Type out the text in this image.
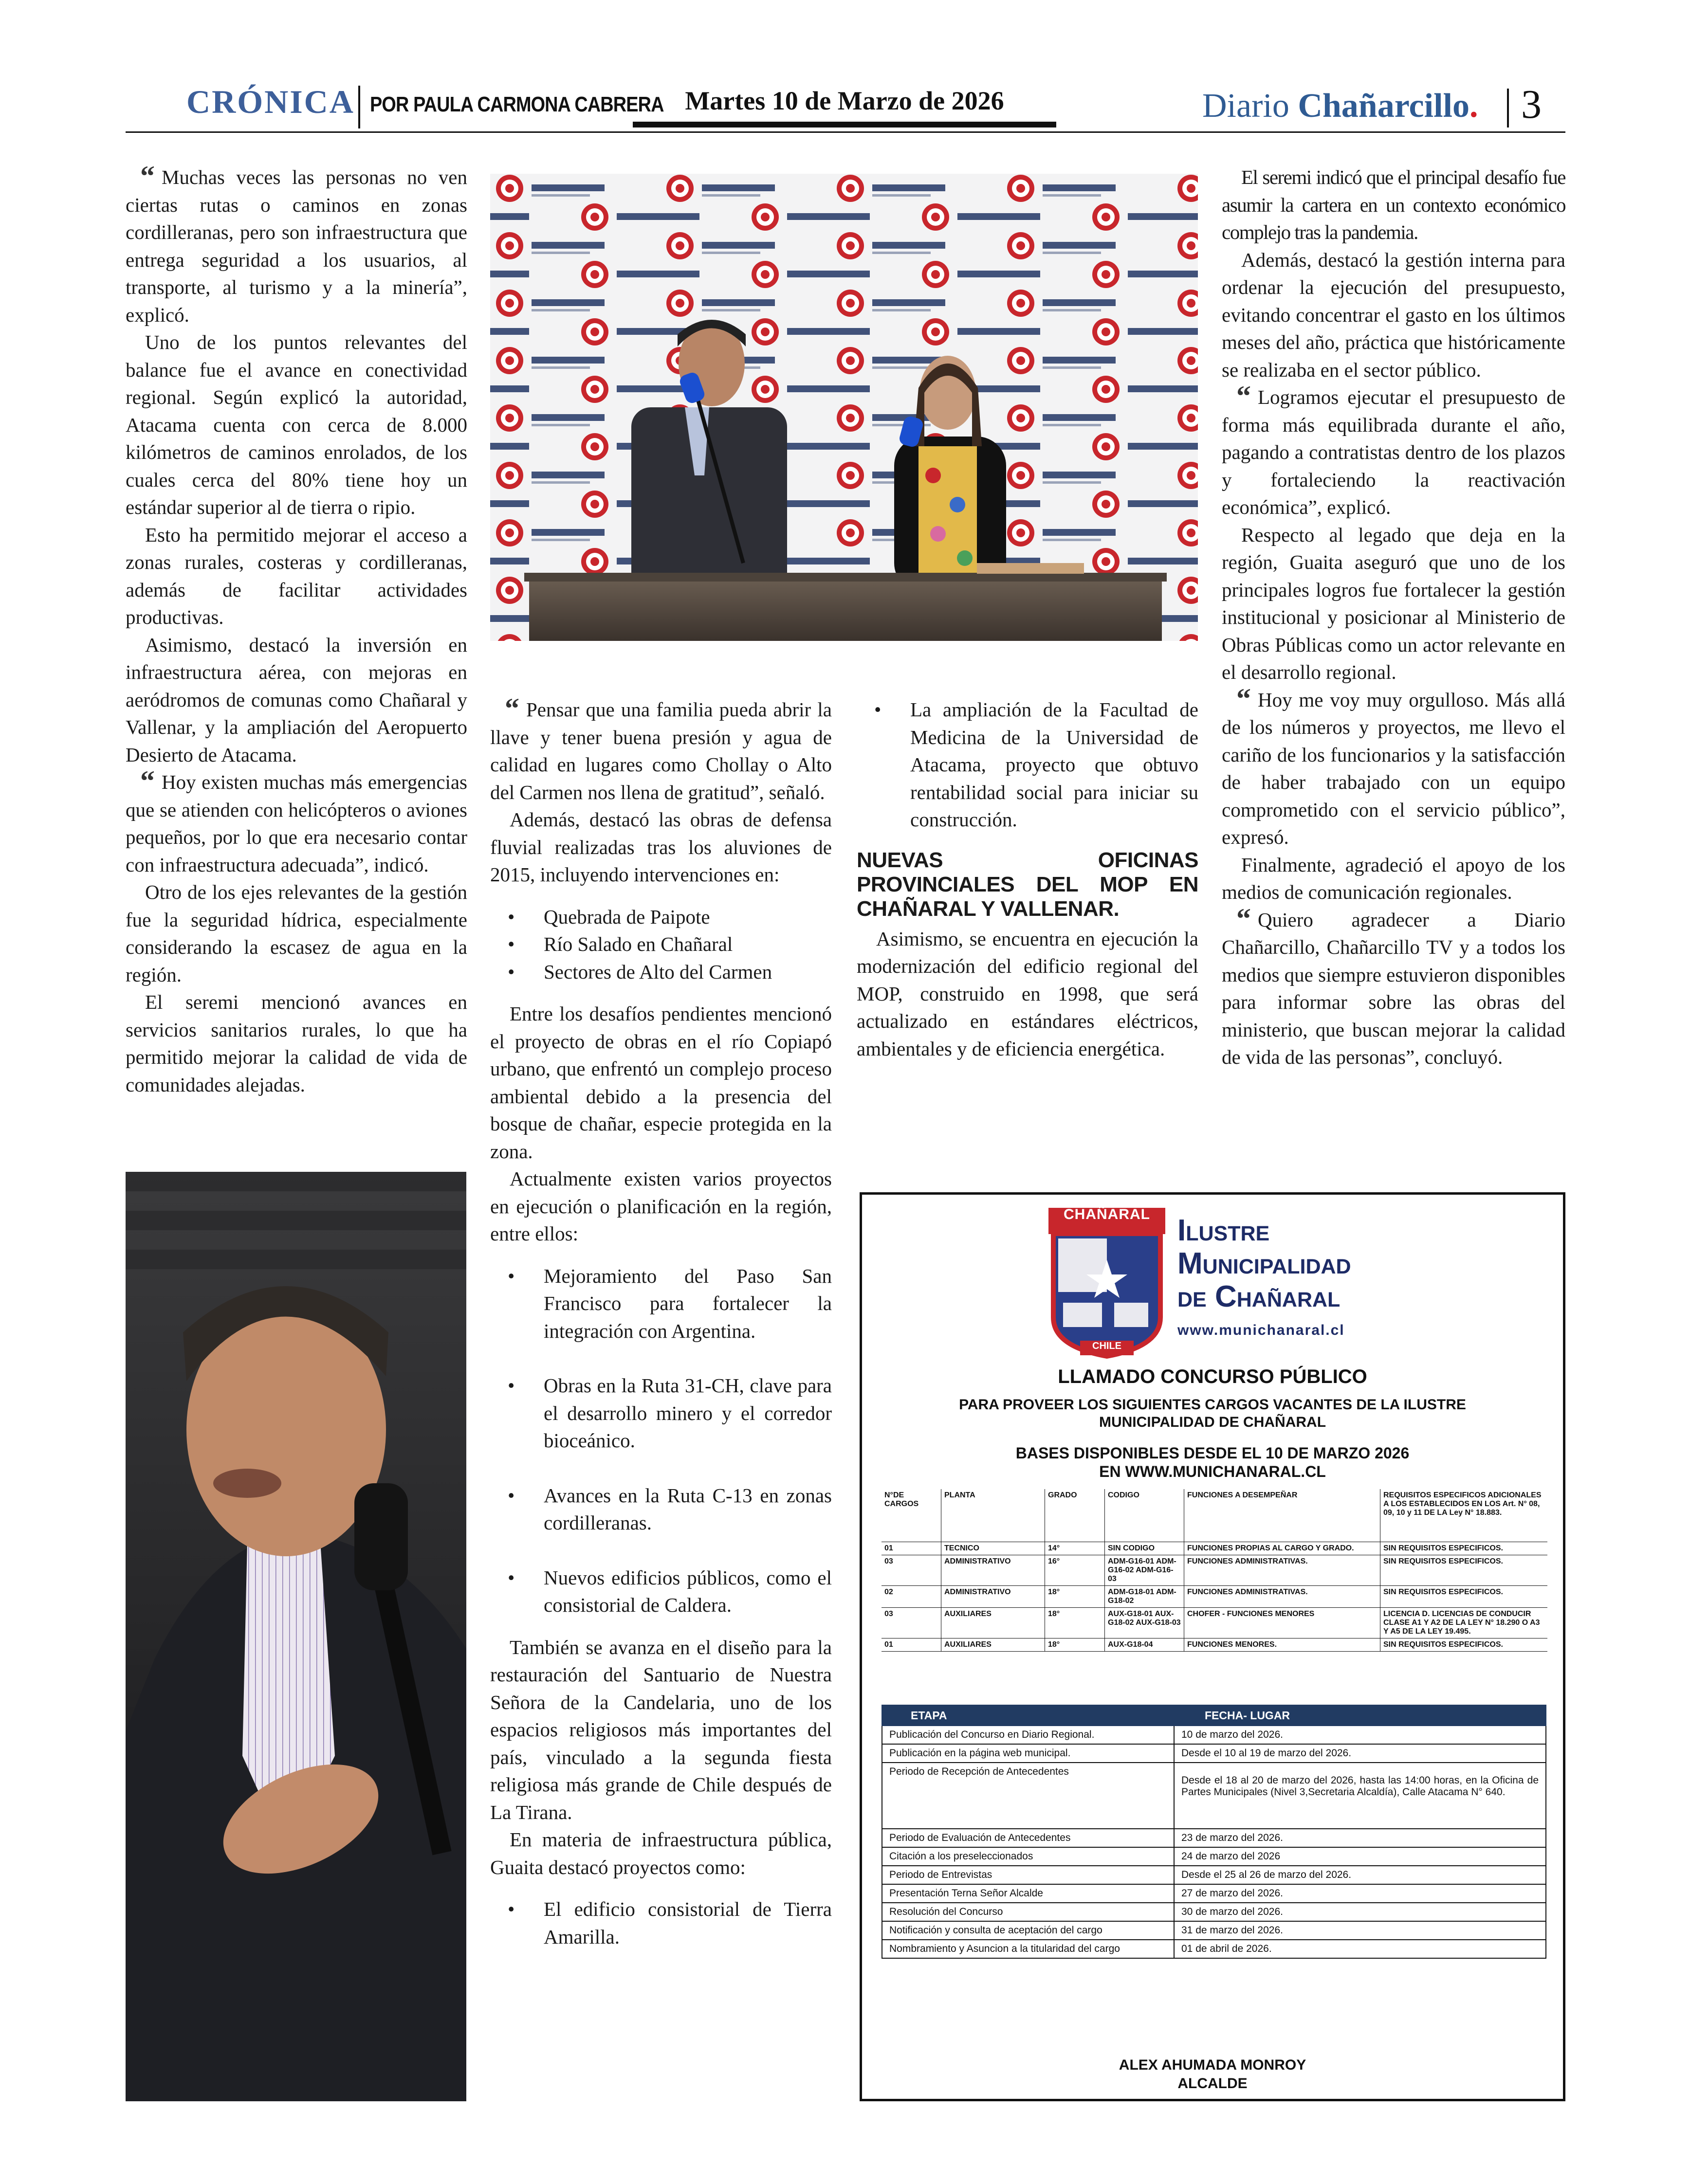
CRÓNICA POR PAULA CARMONA CABRERA Martes 10 de Marzo de 2026	Diario Chañarcillo. 3

“ Muchas veces las personas no ven ciertas rutas o caminos en zonas cordilleranas, pero son infraestructura que entrega seguridad a los usuarios, al transporte, al turismo y a la minería”, explicó.

Uno de los puntos relevantes del balance fue el avance en conectividad regional. Según explicó la autoridad, Atacama cuenta con cerca de 8.000 kilómetros de caminos enrolados, de los cuales cerca del 80% tiene hoy un estándar superior al de tierra o ripio.

Esto ha permitido mejorar el acceso a zonas rurales, costeras y cordilleranas, además de facilitar actividades productivas.

Asimismo, destacó la inversión en infraestructura aérea, con mejoras en aeródromos de comunas como Chañaral y Vallenar, y la ampliación del Aeropuerto Desierto de Atacama.

“ Hoy existen muchas más emergencias que se atienden con helicópteros o aviones pequeños, por lo que era necesario contar con infraestructura adecuada”, indicó.

Otro de los ejes relevantes de la gestión fue la seguridad hídrica, especialmente considerando la escasez de agua en la región.

El seremi mencionó avances en servicios sanitarios rurales, lo que ha permitido mejorar la calidad de vida de comunidades alejadas.

“ Pensar que una familia pueda abrir la llave y tener buena presión y agua de calidad en lugares como Chollay o Alto del Carmen nos llena de gratitud”, señaló.

Además, destacó las obras de defensa fluvial realizadas tras los aluviones de 2015, incluyendo intervenciones en:

• Quebrada de Paipote
• Río Salado en Chañaral
• Sectores de Alto del Carmen

Entre los desafíos pendientes mencionó el proyecto de obras en el río Copiapó urbano, que enfrentó un complejo proceso ambiental debido a la presencia del bosque de chañar, especie protegida en la zona.

Actualmente existen varios proyectos en ejecución o planificación en la región, entre ellos:

• Mejoramiento del Paso San Francisco para fortalecer la integración con Argentina.
• Obras en la Ruta 31-CH, clave para el desarrollo minero y el corredor bioceánico.
• Avances en la Ruta C-13 en zonas cordilleranas.
• Nuevos edificios públicos, como el consistorial de Caldera.

También se avanza en el diseño para la restauración del Santuario de Nuestra Señora de la Candelaria, uno de los espacios religiosos más importantes del país, vinculado a la segunda fiesta religiosa más grande de Chile después de La Tirana.

En materia de infraestructura pública, Guaita destacó proyectos como:

• El edificio consistorial de Tierra Amarilla.
• La ampliación de la Facultad de Medicina de la Universidad de Atacama, proyecto que obtuvo rentabilidad social para iniciar su construcción.
NUEVAS OFICINAS PROVINCIALES DEL MOP EN CHAÑARAL Y VALLENAR.

Asimismo, se encuentra en ejecución la modernización del edificio regional del MOP, construido en 1998, que será actualizado en estándares eléctricos, ambientales y de eficiencia energética.

El seremi indicó que el principal desafío fue asumir la cartera en un contexto económico complejo tras la pandemia.

Además, destacó la gestión interna para ordenar la ejecución del presupuesto, evitando concentrar el gasto en los últimos meses del año, práctica que históricamente se realizaba en el sector público.

“ Logramos ejecutar el presupuesto de forma más equilibrada durante el año, pagando a contratistas dentro de los plazos y fortaleciendo la reactivación económica”, explicó.

Respecto al legado que deja en la región, Guaita aseguró que uno de los principales logros fue fortalecer la gestión institucional y posicionar al Ministerio de Obras Públicas como un actor relevante en el desarrollo regional.

“ Hoy me voy muy orgulloso. Más allá de los números y proyectos, me llevo el cariño de los funcionarios y la satisfacción de haber trabajado con un equipo comprometido con el servicio público”, expresó.

Finalmente, agradeció el apoyo de los medios de comunicación regionales.

“ Quiero agradecer a Diario Chañarcillo, Chañarcillo TV y a todos los medios que siempre estuvieron disponibles para informar sobre las obras del ministerio, que buscan mejorar la calidad de vida de las personas”, concluyó.

CHAÑARAL
CHILE
Ilustre
Municipalidad
de Chañaral
www.munichanaral.cl
LLAMADO CONCURSO PÚBLICO
PARA PROVEER LOS SIGUIENTES CARGOS VACANTES DE LA ILUSTRE
MUNICIPALIDAD DE CHAÑARAL
BASES DISPONIBLES DESDE EL 10 DE MARZO 2026
EN WWW.MUNICHANARAL.CL
N°DE CARGOS	PLANTA	GRADO	CODIGO	FUNCIONES A DESEMPEÑAR	REQUISITOS ESPECIFICOS ADICIONALES A LOS ESTABLECIDOS EN LOS Art. N° 08, 09, 10 y 11 DE LA Ley N° 18.883.
01	TECNICO	14°	SIN CODIGO	FUNCIONES PROPIAS AL CARGO Y GRADO.	SIN REQUISITOS ESPECIFICOS.
03	ADMINISTRATIVO	16°	ADM-G16-01 ADM-G16-02 ADM-G16-03	FUNCIONES ADMINISTRATIVAS.	SIN REQUISITOS ESPECIFICOS.
02	ADMINISTRATIVO	18°	ADM-G18-01 ADM-G18-02	FUNCIONES ADMINISTRATIVAS.	SIN REQUISITOS ESPECIFICOS.
03	AUXILIARES	18°	AUX-G18-01 AUX-G18-02 AUX-G18-03	CHOFER - FUNCIONES MENORES	LICENCIA D. LICENCIAS DE CONDUCIR CLASE A1 Y A2 DE LA LEY N° 18.290 O A3 Y A5 DE LA LEY 19.495.
01	AUXILIARES	18°	AUX-G18-04	FUNCIONES MENORES.	SIN REQUISITOS ESPECIFICOS.
ETAPA	FECHA- LUGAR
Publicación del Concurso en Diario Regional.	10 de marzo del 2026.
Publicación en la página web municipal.	Desde el 10 al 19 de marzo del 2026.
Periodo de Recepción de Antecedentes
Desde el 18 al 20 de marzo del 2026, hasta las 14:00 horas, en la Oficina de Partes Municipales (Nivel 3,Secretaria Alcaldía), Calle Atacama N° 640.
Periodo de Evaluación de Antecedentes	23 de marzo del 2026.
Citación a los preseleccionados	24 de marzo del 2026
Periodo de Entrevistas	Desde el 25 al 26 de marzo del 2026.
Presentación Terna Señor Alcalde	27 de marzo del 2026.
Resolución del Concurso	30 de marzo del 2026.
Notificación y consulta de aceptación del cargo	31 de marzo del 2026.
Nombramiento y Asuncion a la titularidad del cargo	01 de abril de 2026.
ALEX AHUMADA MONROY
ALCALDE
